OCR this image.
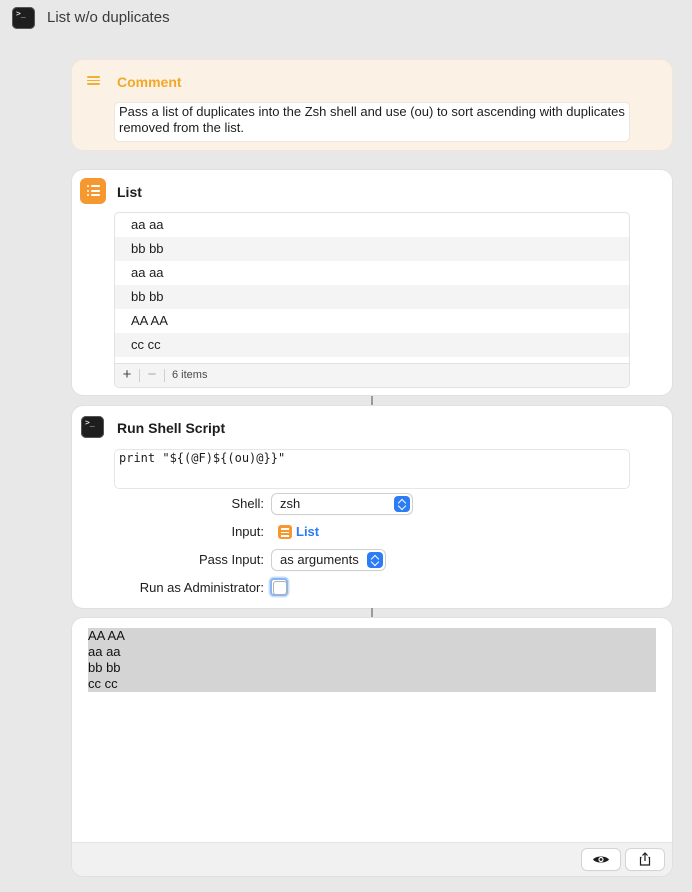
>_	List w/o duplicates
Comment
Pass a list of duplicates into the Zsh shell and use (ou) to sort ascending with duplicates removed from the list.
List
aa aa
bb bb
aa aa
bb bb
AA AA
cc cc
+	−	6 items
>_	Run Shell Script
print "${(@F)${(ou)@}}"
Shell:	zsh
Input:	List
Pass Input:	as arguments
Run as Administrator:
AA AA
aa aa
bb bb
cc cc
